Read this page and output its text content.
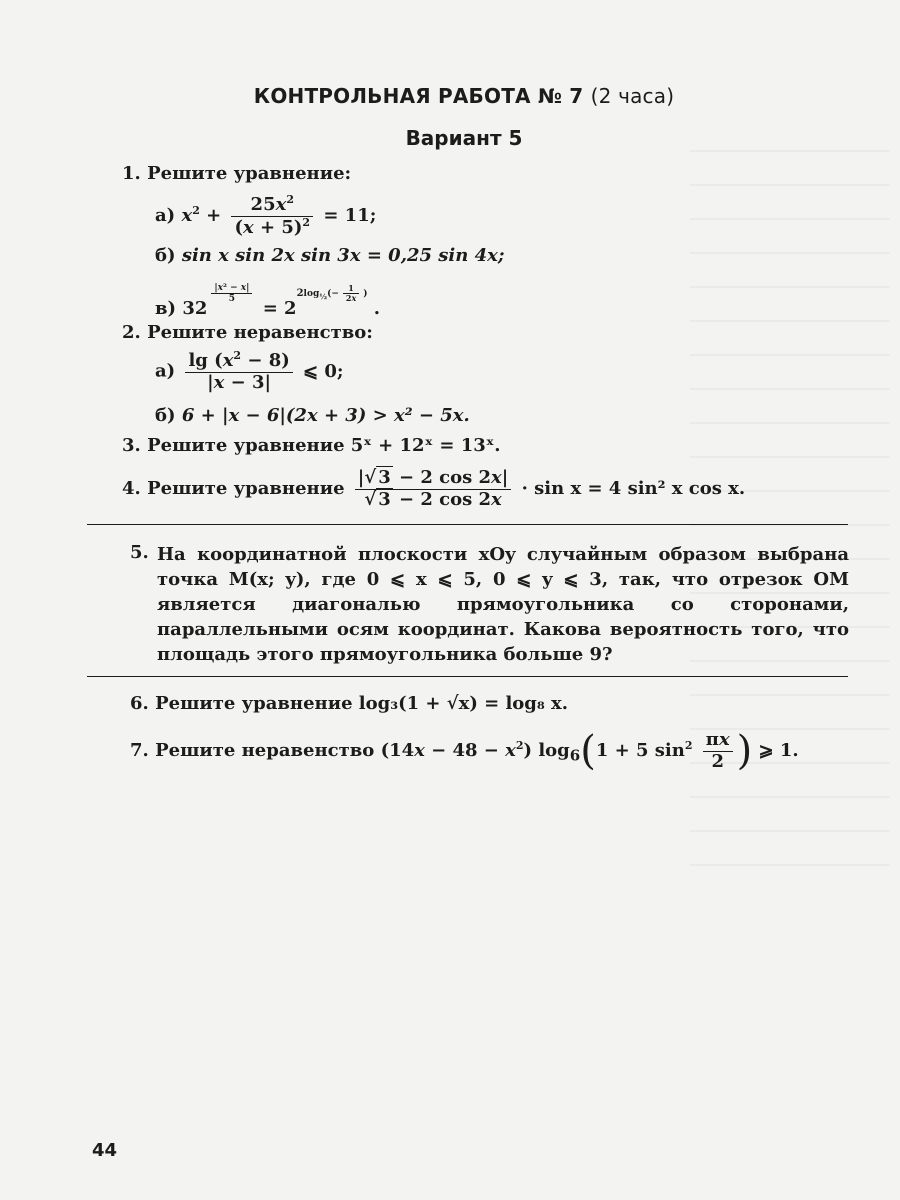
КОНТРОЛЬНАЯ РАБОТА № 7 (2 часа)
Вариант 5
1. Решите уравнение:
а) $x^2 + \frac{25x^2}{(x + 5)^2} = 11$;
б) sin x sin 2x sin 3x = 0,25 sin 4x;
в) 32
$^{\frac{\text{|x² − x|}}{5}}$
= $2^{2log_{\frac{1}{2}}(- \frac{1}{2x} )}$ .
2. Решите неравенство:
$а) \frac{\lg (x^2 - 8)}{|x - 3|}$ ⩽ 0;
б) 6 + |x − 6|(2x + 3) > x² − 5x.
3. Решите уравнение 5ˣ + 12ˣ = 13ˣ.
4. Решите уравнение $\frac{|√ 3 - 2 \cos 2x|}{√ 3 - 2 \cos 2x} \cdot \sin x = 4$ sin² x cos x.
5. На координатной плоскости xOy случайным образом выбрана точка M(x; y), где 0 ⩽ x ⩽ 5, 0 ⩽ y ⩽ 3, так, что отрезок OM является диагональю прямоугольника со сторонами, параллельными осям координат. Какова вероятность того, что площадь этого прямоугольника больше 9?
6. Решите уравнение log₃(1 + √x) = log₈ x.
7. Решите неравенство $(14x - 48 - x^2)$ $\log_6(1 + 5$ $\sin^2 \frac{\pi x}{2}$ ) ⩾ 1.
44
